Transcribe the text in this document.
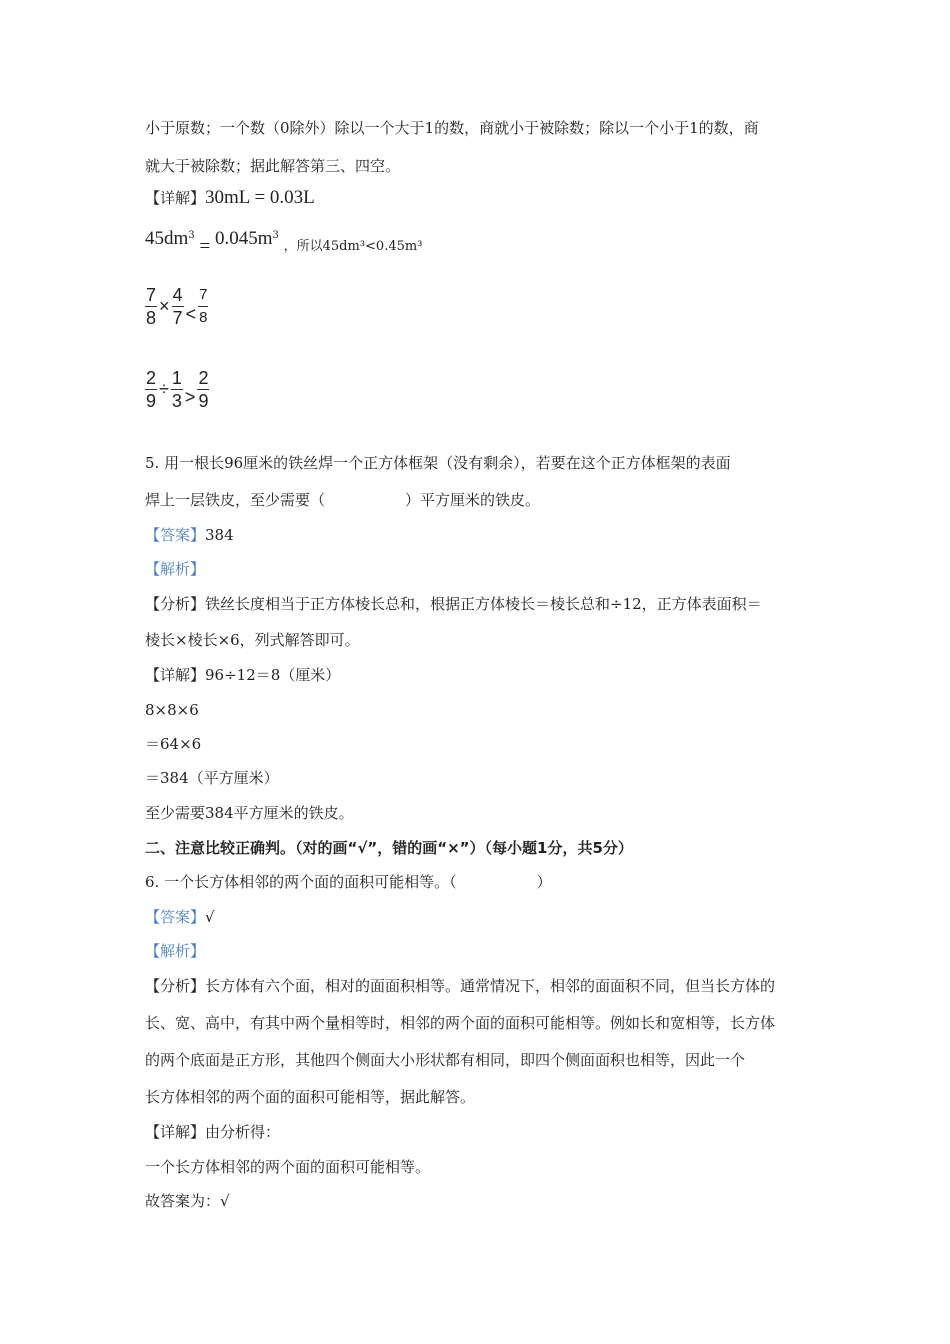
小于原数；一个数（0除外）除以一个大于1的数，商就小于被除数；除以一个小于1的数，商
就大于被除数；据此解答第三、四空。
【详解】30mL = 0.03L
$45dm^3 = 0.045m^3$ ，所以45dm³<0.45m³
$\frac{7}{8} \times \frac{4}{7} < \frac{7}{8}$
$\frac{2}{9} \div \frac{1}{3} > \frac{2}{9}$
5. 用一根长96厘米的铁丝焊一个正方体框架（没有剩余），若要在这个正方体框架的表面
焊上一层铁皮，至少需要（	）平方厘米的铁皮。
【答案】384
【解析】
【分析】铁丝长度相当于正方体棱长总和，根据正方体棱长＝棱长总和÷12，正方体表面积＝
棱长×棱长×6，列式解答即可。
【详解】96÷12＝8（厘米）
8×8×6
＝64×6
＝384（平方厘米）
至少需要384平方厘米的铁皮。
二、注意比较正确判。（对的画“√”，错的画“×”）（每小题1分，共5分）
6. 一个长方体相邻的两个面的面积可能相等。（	）
【答案】√
【解析】
【分析】长方体有六个面，相对的面面积相等。通常情况下，相邻的面面积不同，但当长方体的
长、宽、高中，有其中两个量相等时，相邻的两个面的面积可能相等。例如长和宽相等，长方体
的两个底面是正方形，其他四个侧面大小形状都有相同，即四个侧面面积也相等，因此一个
长方体相邻的两个面的面积可能相等，据此解答。
【详解】由分析得：
一个长方体相邻的两个面的面积可能相等。
故答案为：√
